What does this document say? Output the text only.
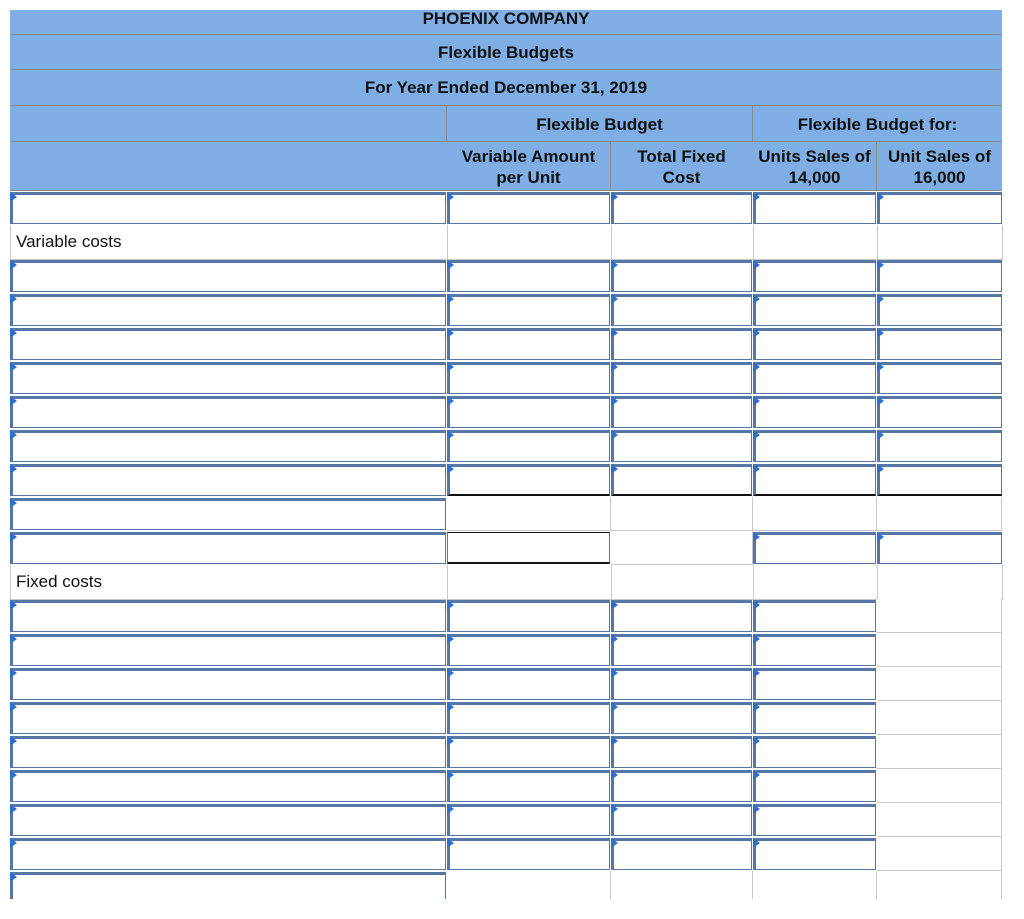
PHOENIX COMPANY
Flexible Budgets
For Year Ended December 31, 2019
Flexible Budget	Flexible Budget for:
Variable Amount per Unit
Total Fixed Cost
Units Sales of 14,000
Unit Sales of 16,000
Variable costs
Fixed costs
